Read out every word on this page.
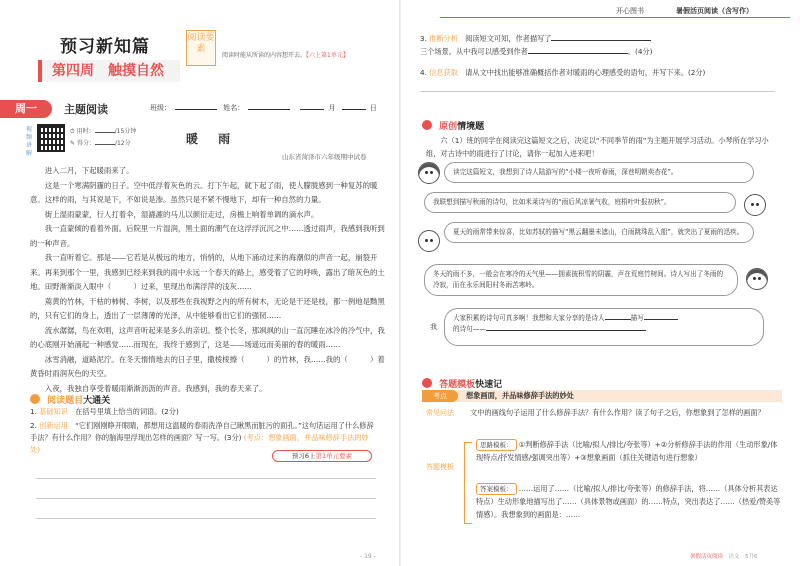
预习新知篇
第四周　触摸自然
阅读要素
阅读时能从所读的内容想开去。【六上第1单元】
周一	主题阅读	班级：	姓名：	月	日
视频讲解
⏱ 用时：	/15分钟
✎ 得分：	/12分	暖 雨
山东省菏泽市六年级期中试卷

进入二月，下起暖雨来了。

这是一个寒满阴霾的日子。空中低浮着灰色的云。打下午起，就下起了雨，使人朦胧感到一种复苏的暖意。这样的雨，与其说是下，不如说是渗。虽然只是不紧不慢地下，却有一种自然的力量。

街上湿雨蒙蒙，行人打着伞，湿漉漉的马儿以颜衍走过，房檐上响着单调的滴水声。

我一直蒙倾的看着外面。后院里一片湿润，黑土面的潮气在这浮浮沉沉之中……透过雨声，我感到我听到的一种声音。

我一直听着它。那是——它若是从极远的地方，悄悄的，从地下涌动过来的海潮似的声音一起，崩裂开来。再来到那个一里，我感到已经来到我的雨中永远一个春天的路上，感受着了它的呼唤，露出了暗灰色的土地。田野渐渐淡入眼中（　　　）过来，里现出布满浮萍的浅灰……

蔫黄的竹林，干枯的柿树、李树，以及那些在我视野之内的所有树木，无论是干还是枝，都一例地是黝黑的，只有它们的身上，透出了一层薄薄的光泽，从中能够看出它们的强韧……

流水潺潺，鸟在欢唱，这声音听起来是多么的亲切。整个长冬，那飒飒的山一直沉睡在冰冷的冷气中，我的心底刚开始涌起一种感觉……而现在，我终于感到了，这是——场遥远而美丽的春的暖雨……

冰雪消融，道路泥泞。在冬天惰惰地去的日子里，撒棱棱擦（　　　）的竹林，我……我的（　　　）着黄昏时雨润灰色的天空。

入夜，我独自享受着暖雨渐渐沥沥的声音。我感到，我的春天来了。

阅读题目大通关
1. 基础知识　 在括号里填上恰当的词语。(2分)
2. 创新运用　 “它们刚刚睁开眼睛，都想用这温暖的春雨洗净自己瞅黑而脏污的面孔。”这句话运用了什么修辞手法？有什么作用？你的脑海里浮现出怎样的画面？写一写。(3分) (考点：想象画面，并品味修辞手法的妙处)
预习6上第1单元要素
- 19 -
开心图书	暑假活页阅读（含写作）
3. 推断分析　 阅读短文可知，作者描写了
三个场景。从中我可以感受到作者	。(4分)
4. 信息获取　 请从文中找出能够准确概括作者对暖雨的心理感受的语句，并写下来。(2分)
原创情境题
六（1）班的同学在阅读完这篇短文之后，决定以“不同季节的雨”为主题开展学习活动。小琴所在学习小组，对古诗中的雨进行了讨论，请你一起加入进来吧！
读完这篇短文，我想到了诗人陆游写的“小楼一夜听春雨，深巷明朝卖杏花”。
我联想到描写秋雨的诗句，比如米莱诗写的“雨后风凉暑气收，庭梧叶叶报初秋”。
夏天的雨常带来惊喜，比如苏轼的描写“黑云翻墨未遮山，白雨跳珠乱入船”，就突出了夏雨的迅疾。
冬天的雨不多，一般会在寒冷的天气里——拥素披积雪的阴霾，声在荒庭竹树间。诗人写出了冬雨的冷寂，而在永乐间阳村冬雨苦寒岭。
我
大家积累的诗句可真多啊！我想和大家分享的是诗人	描写
的诗句——
答题模板快速记
考点	想象画面，并品味修辞手法的妙处
常见问法 文中的画线句子运用了什么修辞手法？有什么作用？读了句子之后，你想象到了怎样的画面？
答题模板
思路模板： ①判断修辞手法（比喻/拟人/排比/夸张等）+②分析修辞手法的作用（生动形象/体现特点/抒发情感/强调突出等）+③想象画面（抓住关键语句进行想象）
答案模板： ……运用了……（比喻/拟人/排比/夸张等）的修辞手法，将……（具体分析其表达特点）生动形象地描写出了……（具体景物或画面）的……特点，突出表达了……（热爱/赞美等情感）。我想象到的画面是：……
暑假活页阅读　 语文　5升6
